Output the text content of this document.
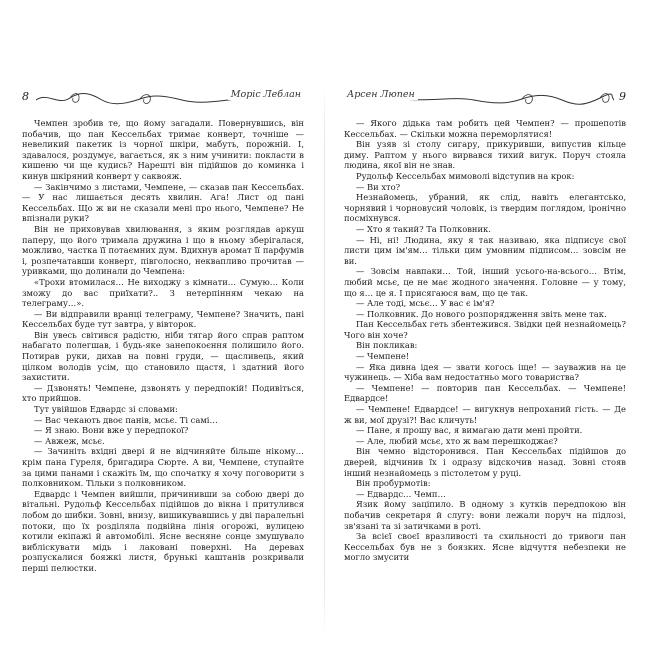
8	Моріс Леблан

Чемпен зробив те, що йому загадали. Повернувшись, він побачив, що пан Кессельбах тримає конверт, точніше — невеликий пакетик із чорної шкіри, мабуть, порожній. І, здавалося, роздумує, вагається, як з ним учинити: покласти в кишеню чи ще кудись? Нарешті він підійшов до коминка і кинув шкіряний конверт у саквояж.

— Закінчимо з листами, Чемпене, — сказав пан Кессельбах. — У нас лишається десять хвилин. Ага! Лист од пані Кессельбах. Що ж ви не сказали мені про нього, Чемпене? Не впізнали руки?

Він не приховував хвилювання, з яким розглядав аркуш паперу, що його тримала дружина і що в ньому зберігалася, можливо, частка її потаємних дум. Вдихнув аромат її парфумів і, розпечатавши конверт, півголосно, неквапливо прочитав — уривками, що долинали до Чемпена:

«Трохи втомилася… Не виходжу з кімнати… Сумую… Коли зможу до вас приїхати?.. З нетерпінням чекаю на телеграму…».

— Ви відправили вранці телеграму, Чемпене? Значить, пані Кессельбах буде тут завтра, у вівторок.

Він увесь світився радістю, ніби тягар його справ раптом набагато полегшав, і будь-яке занепокоєння полишило його. Потирав руки, дихав на повні груди, — щасливець, який цілком володів усім, що становило щастя, і здатний його захистити.

— Дзвонять! Чемпене, дзвонять у передпокій! Подивіться, хто прийшов.

Тут увійшов Едвардс зі словами:

— Вас чекають двоє панів, мсьє. Ті самі…

— Я знаю. Вони вже у передпокої?

— Авжеж, мсьє.

— Зачиніть вхідні двері й не відчиняйте більше нікому… крім пана Гуреля, бригадира Сюрте. А ви, Чемпене, ступайте за цими панами і скажіть їм, що спочатку я хочу поговорити з полковником. Тільки з полковником.

Едвардс і Чемпен вийшли, причинивши за собою двері до вітальні. Рудольф Кессельбах підійшов до вікна і притулився лобом до шибки. Зовні, внизу, вишикувавшись у дві паралельні потоки, що їх розділяла подвійна лінія огорожі, вулицею котили екіпажі й автомобілі. Ясне весняне сонце змушувало вибліскувати мідь і лаковані поверхні. На деревах розпускалися бояжкі листя, брунькі каштанів розкривали перші пелюстки.

Арсен Люпен	9

— Якого дідька там робить цей Чемпен? — прошепотів Кессельбах. — Скільки можна переморлятися!

Він узяв зі столу сигару, прикуривши, випустив кільце диму. Раптом у нього вирвався тихий вигук. Поруч стояла людина, якої він не знав.

Рудольф Кессельбах мимоволі відступив на крок:

— Ви хто?

Незнайомець, убраний, як слід, навіть елегантсько, чорнявий і чорновусий чоловік, із твердим поглядом, іронічно посміхнувся.

— Хто я такий? Та Полковник.

— Ні, ні! Людина, яку я так називаю, яка підписує свої листи цим ім'ям… тільки цим умовним підписом… зовсім не ви.

— Зовсім навпаки… Той, інший усього-на-всього… Втім, любий мсьє, це не має жодного значення. Головне — у тому, що я… це я. І присягаюся вам, що це так.

— Але тоді, мсьє… У вас є ім'я?

— Полковник. До нового розпорядження звіть мене так.

Пан Кессельбах геть збентежився. Звідки цей незнайомець? Чого він хоче?

Він покликав:

— Чемпене!

— Яка дивна ідея — звати когось іще! — зауважив на це чужинець. — Хіба вам недостатньо мого товариства?

— Чемпене! — повторив пан Кессельбах. — Чемпене! Едвардсе!

— Чемпене! Едвардсе! — вигукнув непроханий гість. — Де ж ви, мої друзі?! Вас кличуть!

— Пане, я прошу вас, я вимагаю дати мені пройти.

— Але, любий мсьє, хто ж вам перешкоджає?

Він чемно відсторонився. Пан Кессельбах підійшов до дверей, відчинив їх і одразу відскочив назад. Зовні стояв інший незнайомець з пістолетом у руці.

Він пробурмотів:

— Едвардс… Чемп…

Язик йому заціпило. В одному з кутків передпокою він побачив секретаря й слугу: вони лежали поруч на підлозі, зв'язані та зі затичками в роті.

За всієї своєї вразливості та схильності до тривоги пан Кессельбах був не з боязких. Ясне відчуття небезпеки не могло змусити
